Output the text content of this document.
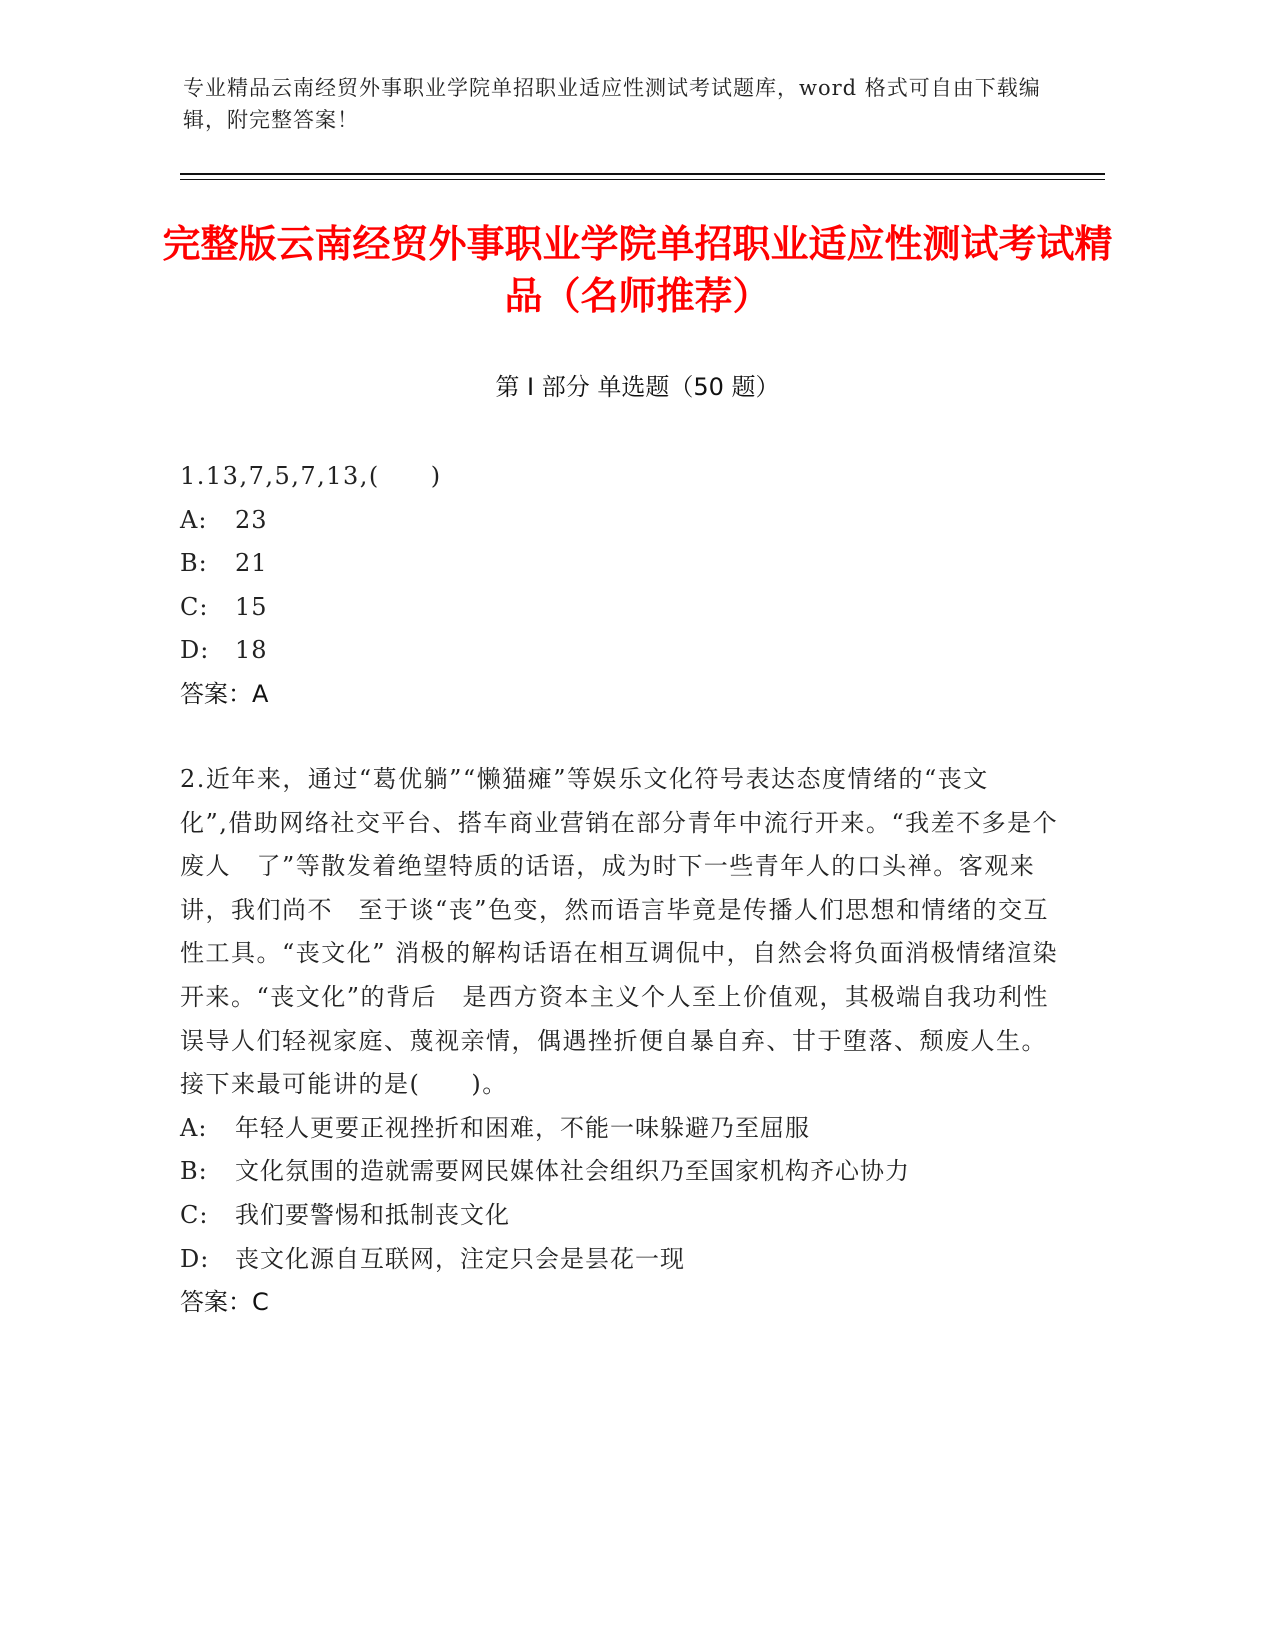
专业精品云南经贸外事职业学院单招职业适应性测试考试题库，word 格式可自由下载编辑，附完整答案！
完整版云南经贸外事职业学院单招职业适应性测试考试精品（名师推荐）
第 I 部分 单选题（50 题）
1.13,7,5,7,13,(　　)
A: 23
B: 21
C: 15
D: 18
答案：A
2.近年来，通过“葛优躺”“懒猫瘫”等娱乐文化符号表达态度情绪的“丧文　化”,借助网络社交平台、搭车商业营销在部分青年中流行开来。“我差不多是个废人　了”等散发着绝望特质的话语，成为时下一些青年人的口头禅。客观来讲，我们尚不　至于谈“丧”色变，然而语言毕竟是传播人们思想和情绪的交互性工具。“丧文化” 消极的解构话语在相互调侃中，自然会将负面消极情绪渲染开来。“丧文化”的背后　是西方资本主义个人至上价值观，其极端自我功利性误导人们轻视家庭、蔑视亲情，偶遇挫折便自暴自弃、甘于堕落、颓废人生。接下来最可能讲的是(　　)。
A: 年轻人更要正视挫折和困难，不能一味躲避乃至屈服
B: 文化氛围的造就需要网民媒体社会组织乃至国家机构齐心协力
C: 我们要警惕和抵制丧文化
D: 丧文化源自互联网，注定只会是昙花一现
答案：C
